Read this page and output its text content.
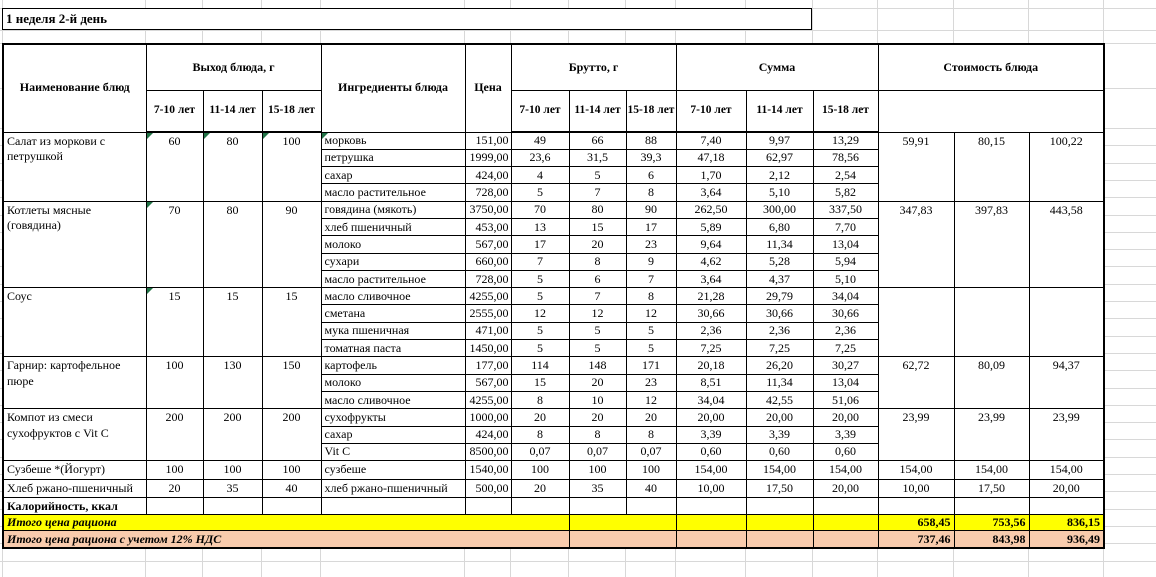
1 неделя 2-й день
Наименование блюд	Выход блюда, г			Ингредиенты блюда	Цена	Брутто, г			Сумма			Стоимость блюда		
	7-10 лет	11-14 лет	15-18 лет			7-10 лет	11-14 лет	15-18 лет	7-10 лет	11-14 лет	15-18 лет			
Салат из моркови с петрушкой	60	80	100	морковь	151,00	49	66	88	7,40	9,97	13,29	59,91	80,15	100,22
				петрушка	1999,00	23,6	31,5	39,3	47,18	62,97	78,56			
				сахар	424,00	4	5	6	1,70	2,12	2,54			
				масло растительное	728,00	5	7	8	3,64	5,10	5,82			
Котлеты мясные (говядина)	70	80	90	говядина (мякоть)	3750,00	70	80	90	262,50	300,00	337,50	347,83	397,83	443,58
				хлеб пшеничный	453,00	13	15	17	5,89	6,80	7,70			
				молоко	567,00	17	20	23	9,64	11,34	13,04			
				сухари	660,00	7	8	9	4,62	5,28	5,94			
				масло растительное	728,00	5	6	7	3,64	4,37	5,10			
Соус	15	15	15	масло сливочное	4255,00	5	7	8	21,28	29,79	34,04			
				сметана	2555,00	12	12	12	30,66	30,66	30,66			
				мука пшеничная	471,00	5	5	5	2,36	2,36	2,36			
				томатная паста	1450,00	5	5	5	7,25	7,25	7,25			
Гарнир: картофельное пюре	100	130	150	картофель	177,00	114	148	171	20,18	26,20	30,27	62,72	80,09	94,37
				молоко	567,00	15	20	23	8,51	11,34	13,04			
				масло сливочное	4255,00	8	10	12	34,04	42,55	51,06			
Компот из смеси сухофруктов с Vit C	200	200	200	сухофрукты	1000,00	20	20	20	20,00	20,00	20,00	23,99	23,99	23,99
				сахар	424,00	8	8	8	3,39	3,39	3,39			
				Vit C	8500,00	0,07	0,07	0,07	0,60	0,60	0,60			
Сузбеше *(Йогурт)	100	100	100	сузбеше	1540,00	100	100	100	154,00	154,00	154,00	154,00	154,00	154,00
Хлеб ржано-пшеничный	20	35	40	хлеб ржано-пшеничный	500,00	20	35	40	10,00	17,50	20,00	10,00	17,50	20,00
Калорийность, ккал														
Итого цена рациона												658,45	753,56	836,15
Итого цена рациона с учетом 12% НДС												737,46	843,98	936,49
